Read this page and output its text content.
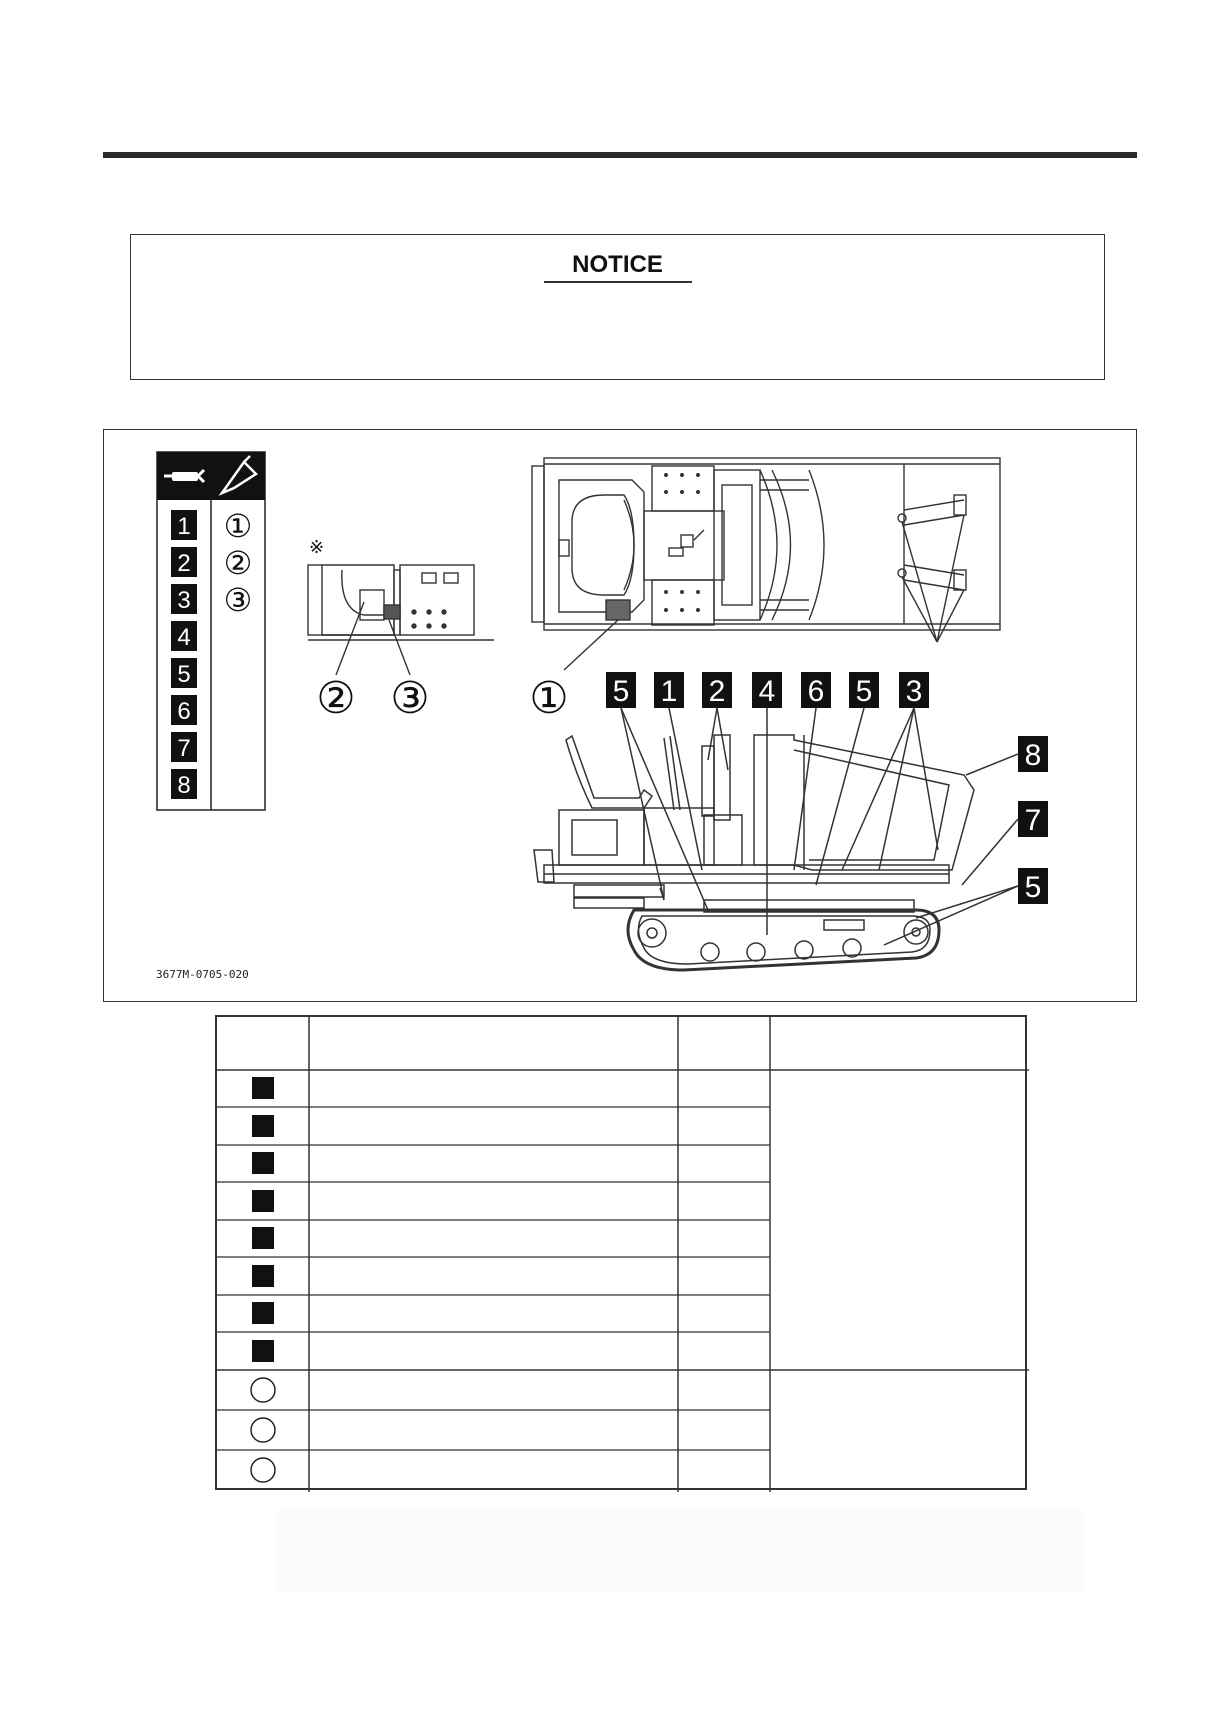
NOTICE
1
2
3
4
5
6
7
8
①
②
③
※
② ③ ① 5 1 2 4 6 5 3
8
7
5
3677M-0705-020
